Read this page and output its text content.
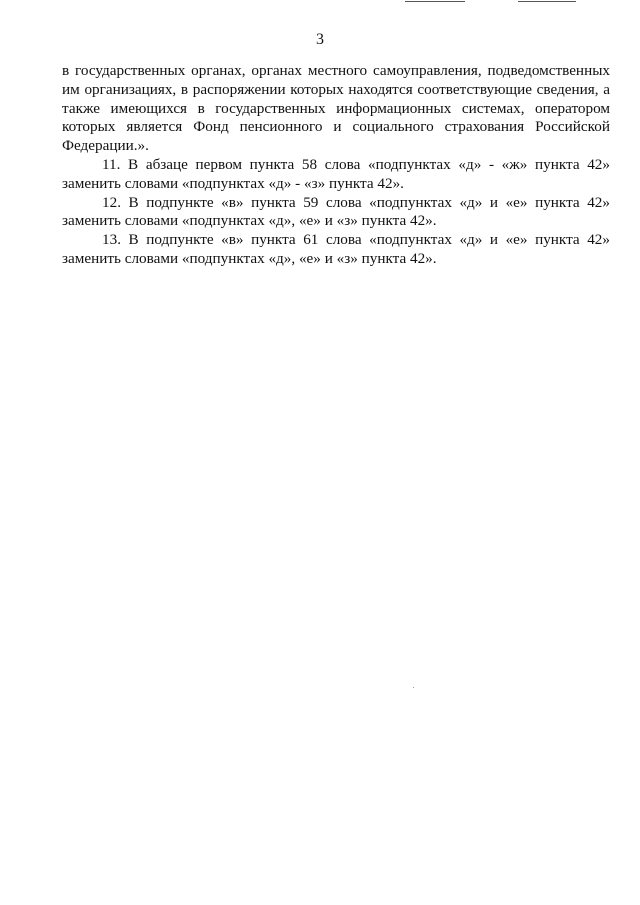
3

в государственных органах, органах местного самоуправления, подведомственных им организациях, в распоряжении которых находятся соответствующие сведения, а также имеющихся в государственных информационных системах, оператором которых является Фонд пенсионного и социального страхования Российской Федерации.».

11. В абзаце первом пункта 58 слова «подпунктах «д» - «ж» пункта 42» заменить словами «подпунктах «д» - «з» пункта 42».

12. В подпункте «в» пункта 59 слова «подпунктах «д» и «е» пункта 42» заменить словами «подпунктах «д», «е» и «з» пункта 42».

13. В подпункте «в» пункта 61 слова «подпунктах «д» и «е» пункта 42» заменить словами «подпунктах «д», «е» и «з» пункта 42».
